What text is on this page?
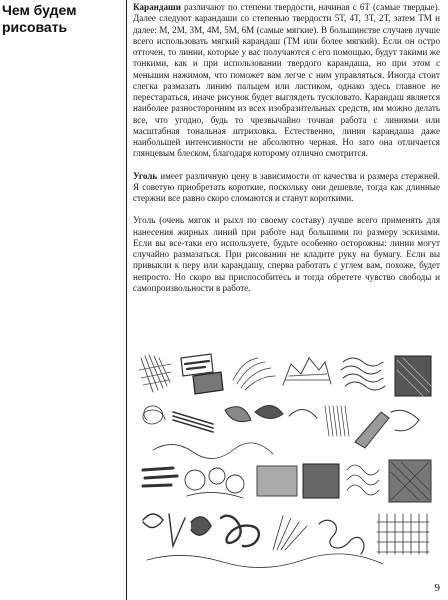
Чем будем рисовать

Карандаши различают по степени твердости, начиная с 6Т (самые твердые). Далее следуют карандаши со степенью твердости 5Т, 4Т, 3Т, 2Т, затем ТМ и далее: М, 2М, 3М, 4М, 5М, 6М (самые мягкие). В большинстве случаев лучше всего использовать мягкий карандаш (ТМ или более мягкий). Если он остро отточен, то линии, которые у вас получаются с его помощью, будут такими же тонкими, как и при использовании твердого карандаша, но при этом с меньшим нажимом, что поможет вам легче с ним управляться. Иногда стоит слегка размазать линию пальцем или ластиком, однако здесь главное не перестараться, иначе рисунок будет выглядеть тускловато. Карандаш является наиболее разносторонним из всех изобразительных средств, им можно делать все, что угодно, будь то чрезвычайно точная работа с линиями или масштабная тональная штриховка. Естественно, линия карандаша даже наибольшей интенсивности не абсолютно черная. Но зато она отличается глянцевым блеском, благодаря которому отлично смотрится.

Уголь имеет различную цену в зависимости от качества и размера стержней. Я советую приобретать короткие, поскольку они дешевле, тогда как длинные стержни все равно скоро сломаются и станут короткими.

Уголь (очень мягок и рыхл по своему составу) лучше всего применять для нанесения жирных линий при работе над большими по размеру эскизами. Если вы все-таки его используете, будьте особенно осторожны: линии могут случайно размазаться. При рисовании не кладите руку на бумагу. Если вы привыкли к перу или карандашу, сперва работать с углем вам, похоже, будет непросто. Но скоро вы приспособитесь и тогда обретете чувство свободы и самопроизвольности в работе.

9
